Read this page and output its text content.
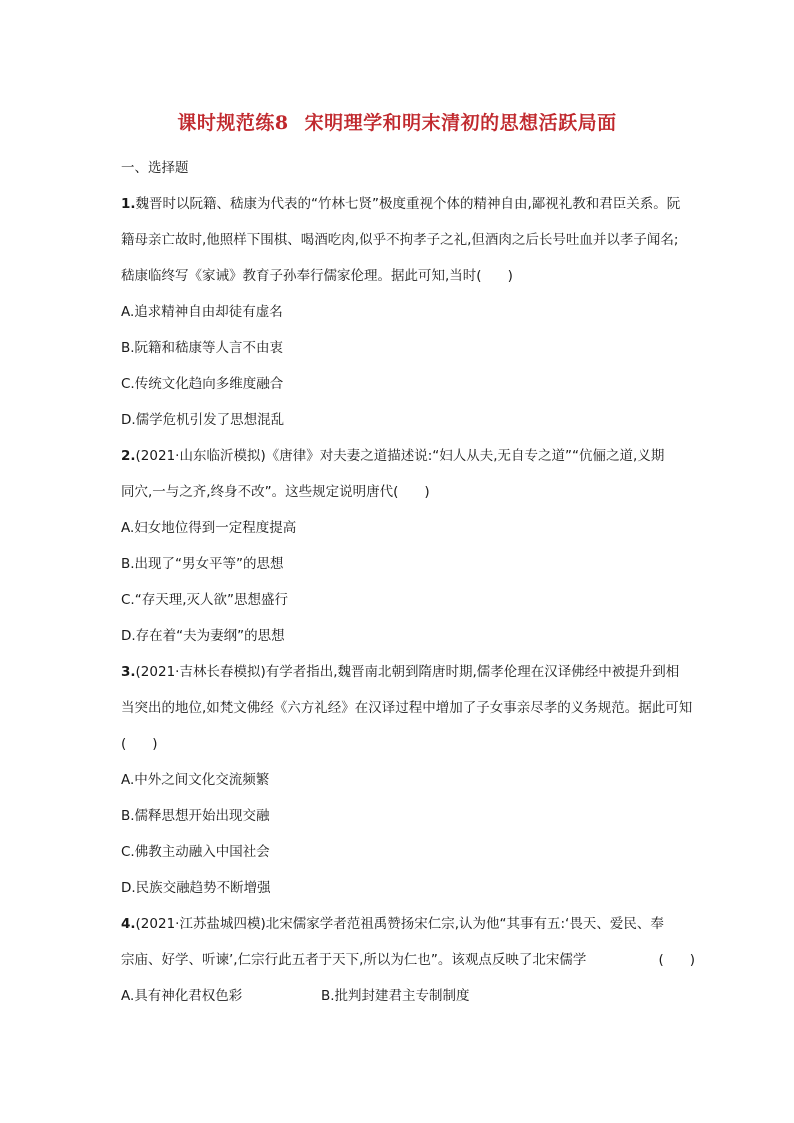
课时规范练8 宋明理学和明末清初的思想活跃局面
一、选择题
1.魏晋时以阮籍、嵇康为代表的“竹林七贤”极度重视个体的精神自由,鄙视礼教和君臣关系。阮
籍母亲亡故时,他照样下围棋、喝酒吃肉,似乎不拘孝子之礼,但酒肉之后长号吐血并以孝子闻名;
嵇康临终写《家诫》教育子孙奉行儒家伦理。据此可知,当时( )
A.追求精神自由却徒有虚名
B.阮籍和嵇康等人言不由衷
C.传统文化趋向多维度融合
D.儒学危机引发了思想混乱
2.(2021·山东临沂模拟)《唐律》对夫妻之道描述说:“妇人从夫,无自专之道”“伉俪之道,义期
同穴,一与之齐,终身不改”。这些规定说明唐代( )
A.妇女地位得到一定程度提高
B.出现了“男女平等”的思想
C.“存天理,灭人欲”思想盛行
D.存在着“夫为妻纲”的思想
3.(2021·吉林长春模拟)有学者指出,魏晋南北朝到隋唐时期,儒孝伦理在汉译佛经中被提升到相
当突出的地位,如梵文佛经《六方礼经》在汉译过程中增加了子女事亲尽孝的义务规范。据此可知
( )
A.中外之间文化交流频繁
B.儒释思想开始出现交融
C.佛教主动融入中国社会
D.民族交融趋势不断增强
4.(2021·江苏盐城四模)北宋儒家学者范祖禹赞扬宋仁宗,认为他“其事有五:‘畏天、爱民、奉
宗庙、好学、听谏’,仁宗行此五者于天下,所以为仁也”。该观点反映了北宋儒学	( )
A.具有神化君权色彩	B.批判封建君主专制制度
